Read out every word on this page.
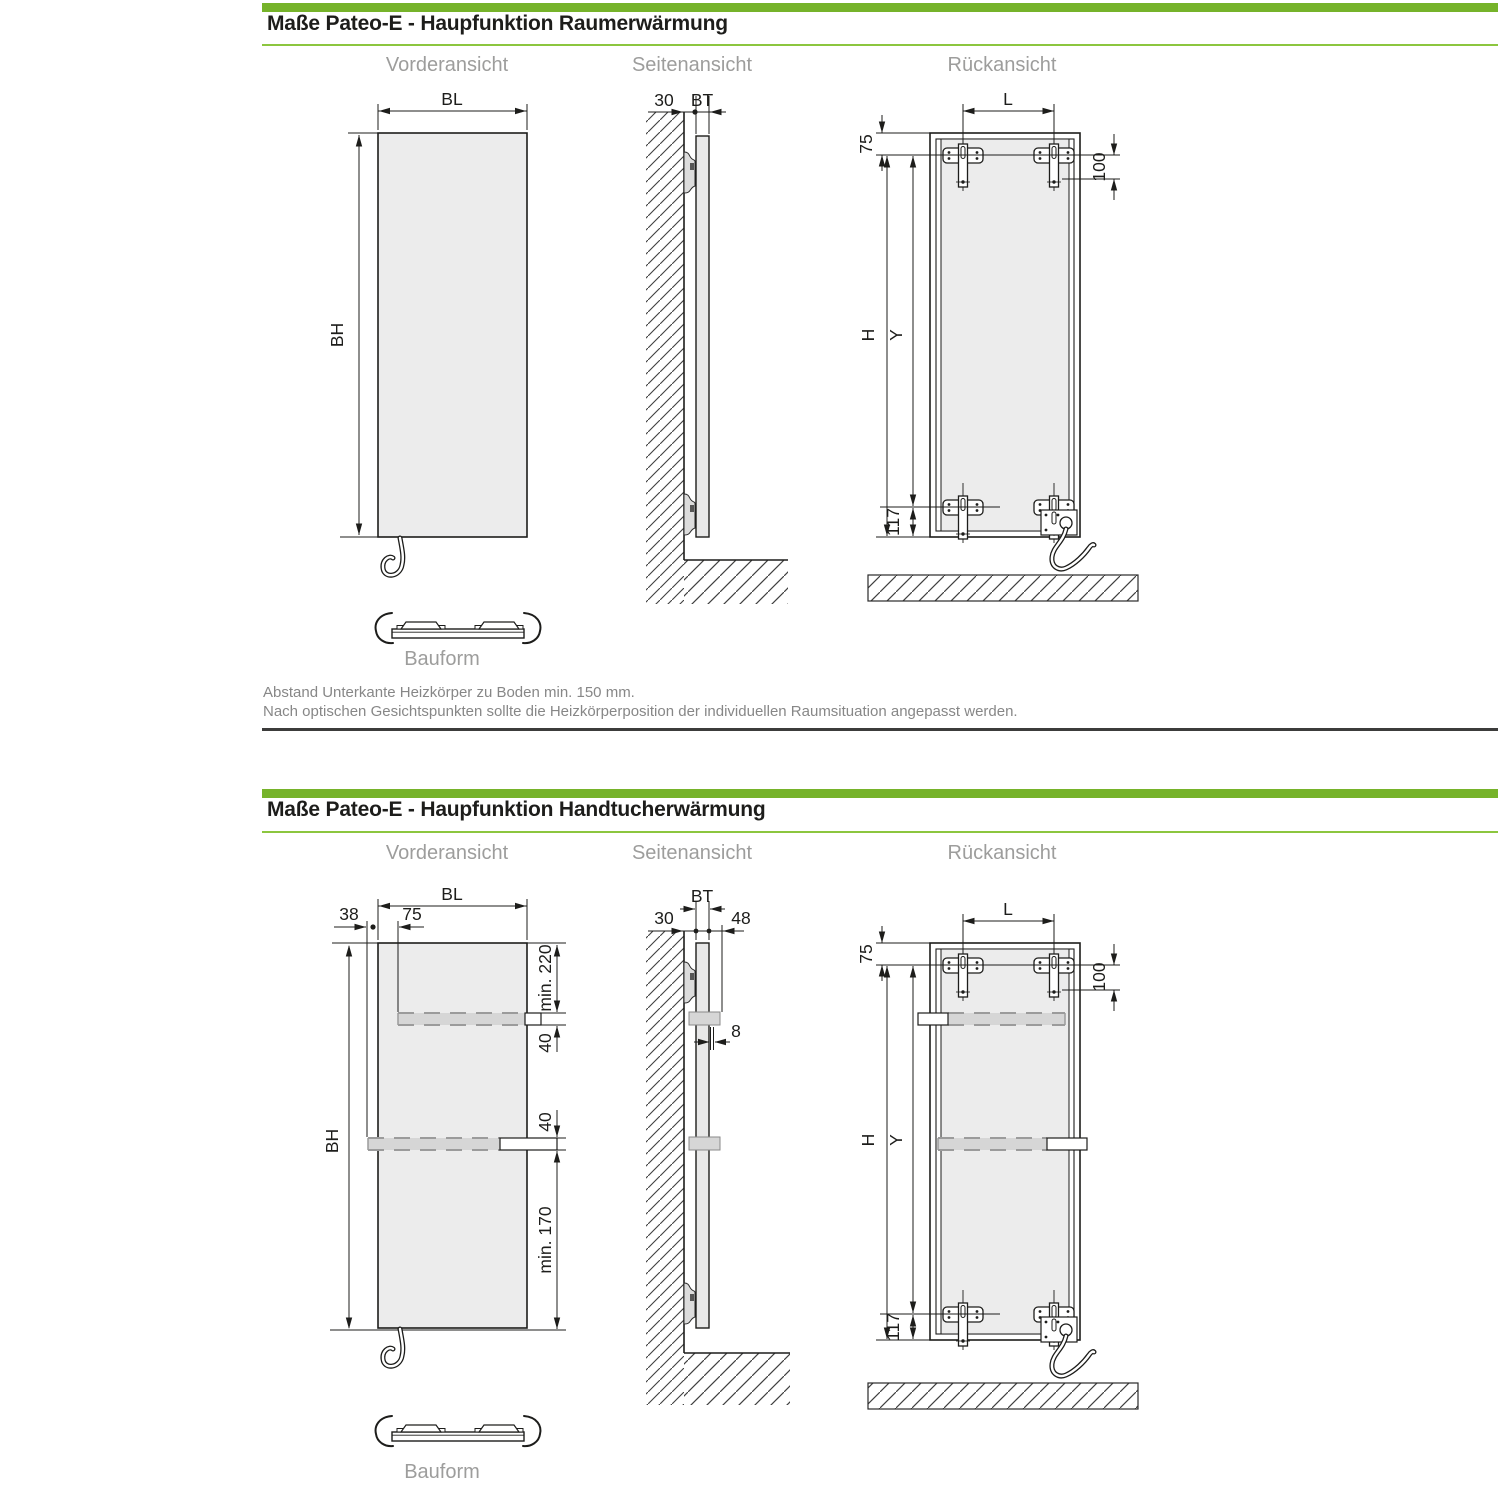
BL
BH
30 BT	L
75
H Y
117
100
BL
38 75
BH
min. 220
40
40
min. 170
BT
30	48
8
L
75
H Y
117
100
Maße Pateo-E - Haupfunktion Raumerwärmung
Vorderansicht	Seitenansicht	Rückansicht
Bauform
Abstand Unterkante Heizkörper zu Boden min. 150 mm.
Nach optischen Gesichtspunkten sollte die Heizkörperposition der individuellen Raumsituation angepasst werden.
Maße Pateo-E - Haupfunktion Handtucherwärmung
Vorderansicht	Seitenansicht	Rückansicht
Bauform
